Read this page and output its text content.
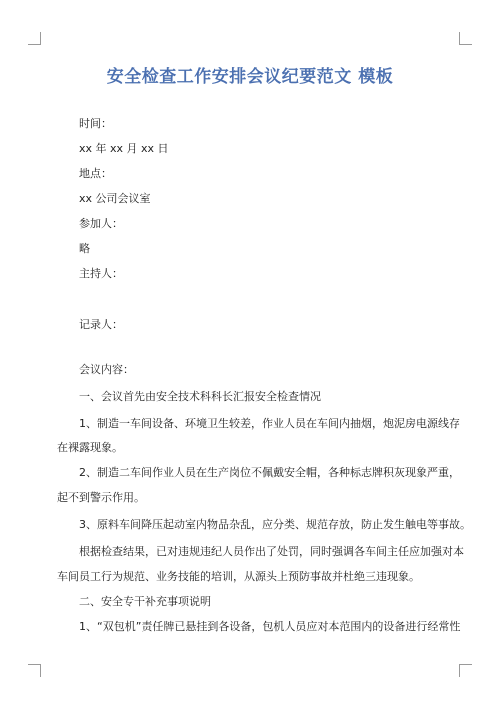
安全检查工作安排会议纪要范文 模板
时间：
xx 年 xx 月 xx 日
地点：
xx 公司会议室
参加人：
略
主持人：
记录人：
会议内容：
一、会议首先由安全技术科科长汇报安全检查情况
1、制造一车间设备、环境卫生较差，作业人员在车间内抽烟，炮泥房电源线存
在裸露现象。
2、制造二车间作业人员在生产岗位不佩戴安全帽，各种标志牌积灰现象严重，
起不到警示作用。
3、原料车间降压起动室内物品杂乱，应分类、规范存放，防止发生触电等事故。
根据检查结果，已对违规违纪人员作出了处罚，同时强调各车间主任应加强对本
车间员工行为规范、业务技能的培训，从源头上预防事故并杜绝三违现象。
二、安全专干补充事项说明
1、“双包机”责任牌已悬挂到各设备，包机人员应对本范围内的设备进行经常性
